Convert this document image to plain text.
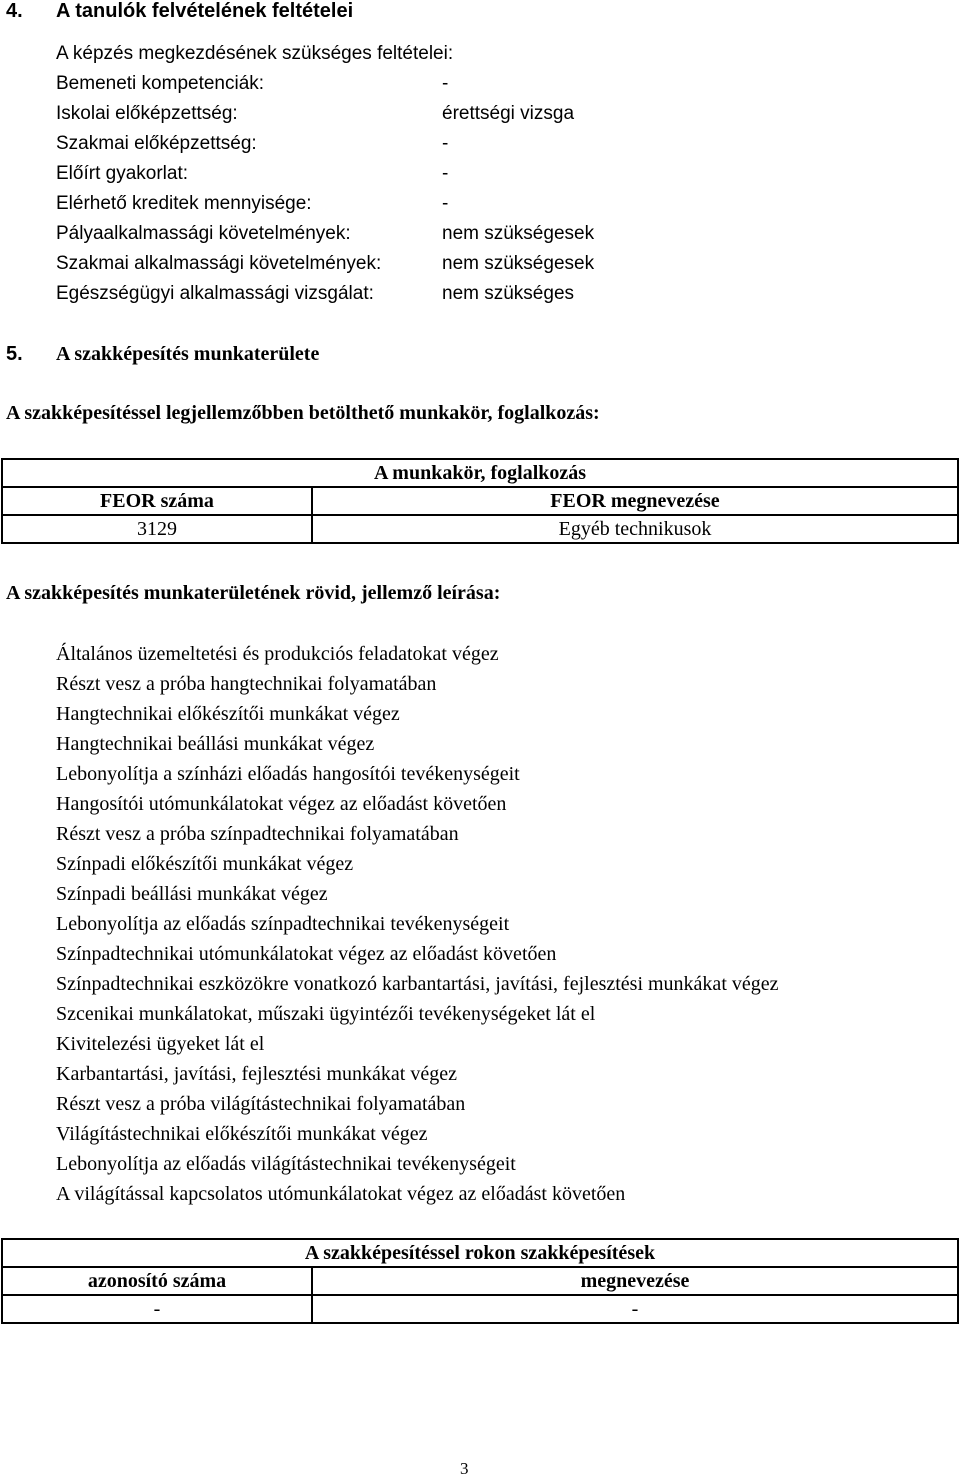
4. A tanulók felvételének feltételei
A képzés megkezdésének szükséges feltételei:
Bemeneti kompetenciák:	-
Iskolai előképzettség:	érettségi vizsga
Szakmai előképzettség:	-
Előírt gyakorlat:	-
Elérhető kreditek mennyisége:	-
Pályaalkalmassági követelmények:	nem szükségesek
Szakmai alkalmassági követelmények:	nem szükségesek
Egészségügyi alkalmassági vizsgálat:	nem szükséges
5. A szakképesítés munkaterülete
A szakképesítéssel legjellemzőbben betölthető munkakör, foglalkozás:
A munkakör, foglalkozás	
FEOR száma	FEOR megnevezése
3129	Egyéb technikusok
A szakképesítés munkaterületének rövid, jellemző leírása:
Általános üzemeltetési és produkciós feladatokat végez
Részt vesz a próba hangtechnikai folyamatában
Hangtechnikai előkészítői munkákat végez
Hangtechnikai beállási munkákat végez
Lebonyolítja a színházi előadás hangosítói tevékenységeit
Hangosítói utómunkálatokat végez az előadást követően
Részt vesz a próba színpadtechnikai folyamatában
Színpadi előkészítői munkákat végez
Színpadi beállási munkákat végez
Lebonyolítja az előadás színpadtechnikai tevékenységeit
Színpadtechnikai utómunkálatokat végez az előadást követően
Színpadtechnikai eszközökre vonatkozó karbantartási, javítási, fejlesztési munkákat végez
Szcenikai munkálatokat, műszaki ügyintézői tevékenységeket lát el
Kivitelezési ügyeket lát el
Karbantartási, javítási, fejlesztési munkákat végez
Részt vesz a próba világítástechnikai folyamatában
Világítástechnikai előkészítői munkákat végez
Lebonyolítja az előadás világítástechnikai tevékenységeit
A világítással kapcsolatos utómunkálatokat végez az előadást követően
A szakképesítéssel rokon szakképesítések	
azonosító száma	megnevezése
-	-
3
